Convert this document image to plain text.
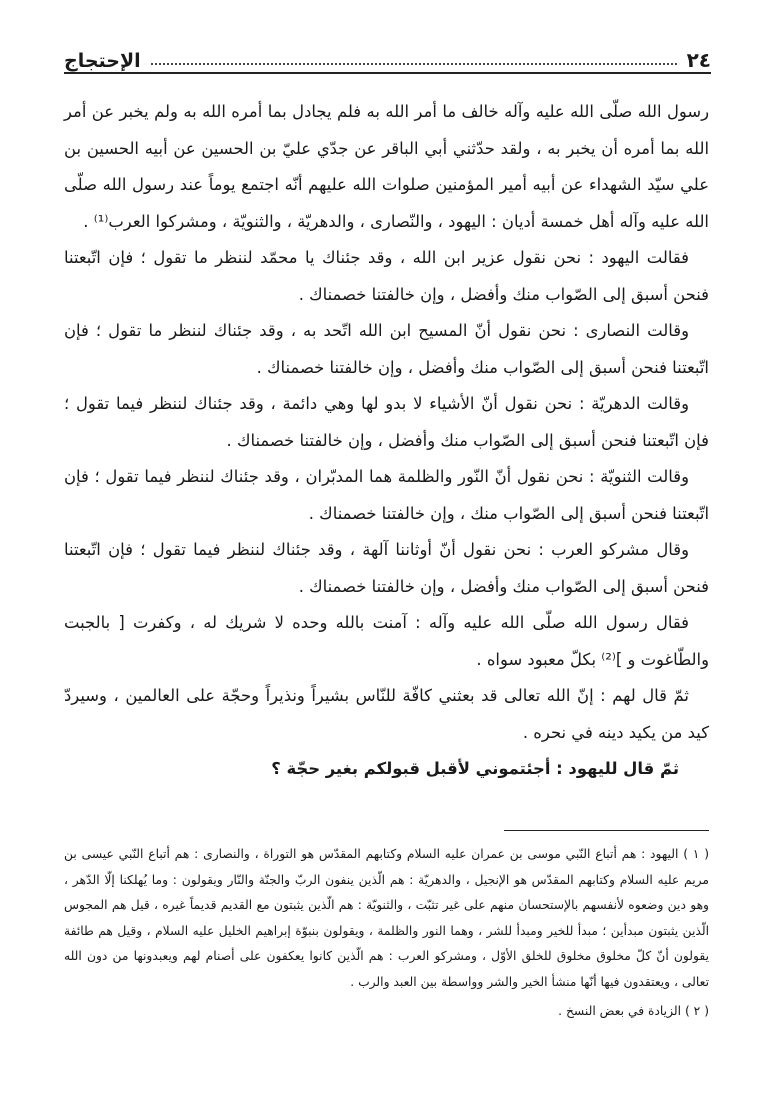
٢٤
الإحتجاج

رسول الله صلّى الله عليه وآله خالف ما أمر الله به فلم يجادل بما أمره الله به ولم يخبر عن أمر الله بما أمره أن يخبر به ، ولقد حدّثني أبي الباقر عن جدّي عليّ بن الحسين عن أبيه الحسين بن علي سيّد الشهداء عن أبيه أمير المؤمنين صلوات الله عليهم أنّه اجتمع يوماً عند رسول الله صلّى الله عليه وآله أهل خمسة أديان : اليهود ، والنّصارى ، والدهريّة ، والثنويّة ، ومشركوا العرب⁽¹⁾ .

فقالت اليهود : نحن نقول عزير ابن الله ، وقد جئناك يا محمّد لننظر ما تقول ؛ فإن اتّبعتنا فنحن أسبق إلى الصّواب منك وأفضل ، وإن خالفتنا خصمناك .

وقالت النصارى : نحن نقول أنّ المسيح ابن الله اتّحد به ، وقد جئناك لننظر ما تقول ؛ فإن اتّبعتنا فنحن أسبق إلى الصّواب منك وأفضل ، وإن خالفتنا خصمناك .

وقالت الدهريّة : نحن نقول أنّ الأشياء لا بدو لها وهي دائمة ، وقد جئناك لننظر فيما تقول ؛ فإن اتّبعتنا فنحن أسبق إلى الصّواب منك وأفضل ، وإن خالفتنا خصمناك .

وقالت الثنويّة : نحن نقول أنّ النّور والظلمة هما المدبّران ، وقد جئناك لننظر فيما تقول ؛ فإن اتّبعتنا فنحن أسبق إلى الصّواب منك ، وإن خالفتنا خصمناك .

وقال مشركو العرب : نحن نقول أنّ أوثاننا آلهة ، وقد جئناك لننظر فيما تقول ؛ فإن اتّبعتنا فنحن أسبق إلى الصّواب منك وأفضل ، وإن خالفتنا خصمناك .

فقال رسول الله صلّى الله عليه وآله : آمنت بالله وحده لا شريك له ، وكفرت [ بالجبت والطّاغوت و ]⁽²⁾ بكلّ معبود سواه .

ثمّ قال لهم : إنّ الله تعالى قد بعثني كافّة للنّاس بشيراً ونذيراً وحجّة على العالمين ، وسيردّ كيد من يكيد دينه في نحره .

ثمّ قال لليهود : أجئتموني لأقبل قبولكم بغير حجّة ؟

( ١ ) اليهود : هم أتباع النّبي موسى بن عمران عليه السلام وكتابهم المقدّس هو التوراة ، والنصارى : هم أتباع النّبي عيسى بن مريم عليه السلام وكتابهم المقدّس هو الإنجيل ، والدهريّة : هم الّذين ينفون الربّ والجنّة والنّار ويقولون : وما يُهلكنا إلّا الدّهر ، وهو دين وضعوه لأنفسهم بالإستحسان منهم على غير تثبّت ، والثنويّة : هم الّذين يثبتون مع القديم قديماً غيره ، قيل هم المجوس الّذين يثبتون مبدأين ؛ مبدأ للخير ومبدأ للشر ، وهما النور والظلمة ، ويقولون بنبوّة إبراهيم الخليل عليه السلام ، وقيل هم طائفة يقولون أنّ كلّ مخلوق مخلوق للخلق الأوّل ، ومشركو العرب : هم الّذين كانوا يعكفون على أصنام لهم ويعبدونها من دون الله تعالى ، ويعتقدون فيها أنّها منشأ الخير والشر وواسطة بين العبد والرب .

( ٢ ) الزيادة في بعض النسخ .
